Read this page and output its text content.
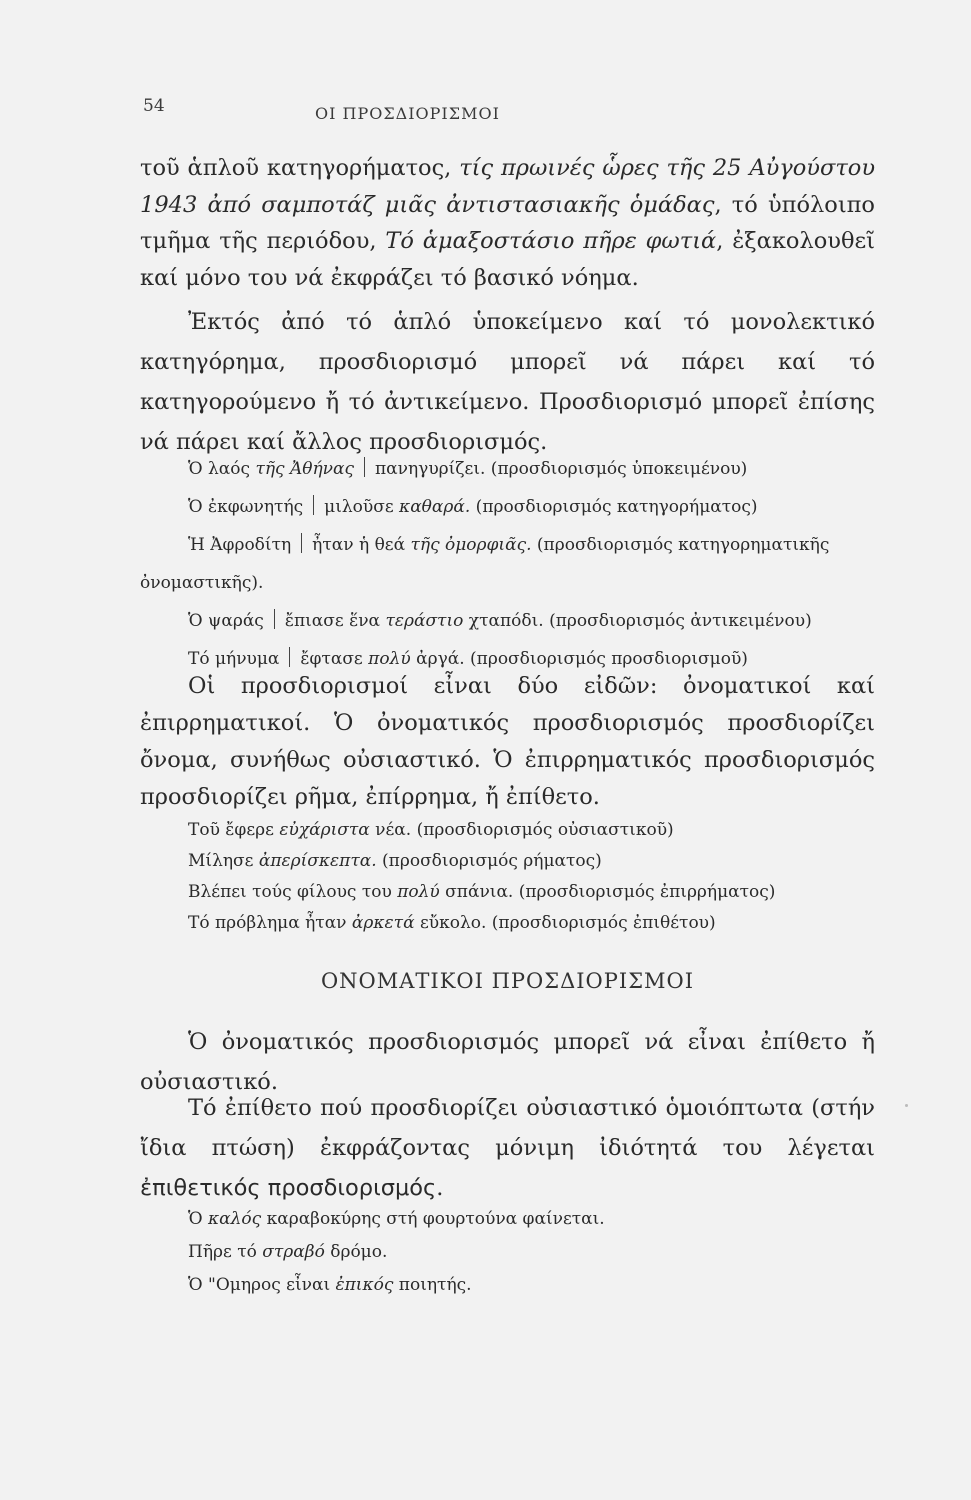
54	ΟΙ ΠΡΟΣΔΙΟΡΙΣΜΟΙ

τοῦ ἁπλοῦ κατηγορήματος, τίς πρωινές ὧρες τῆς 25 Αὐγούστου 1943 ἀπό σαμποτάζ μιᾶς ἀντιστασιακῆς ὁμάδας, τό ὑπόλοιπο τμῆμα τῆς περιόδου, Τό ἁμαξοστάσιο πῆρε φωτιά, ἐξακολουθεῖ καί μόνο του νά ἐκφράζει τό βασικό νόημα.

Ἐκτός ἀπό τό ἁπλό ὑποκείμενο καί τό μονολεκτικό κατηγόρημα, προσδιορισμό μπορεῖ νά πάρει καί τό κατηγορούμενο ἤ τό ἀντικείμενο. Προσδιορισμό μπορεῖ ἐπίσης νά πάρει καί ἄλλος προσδιορισμός.

Ὁ λαός τῆς Ἀθήνας πανηγυρίζει. (προσδιορισμός ὑποκειμένου)
Ὁ ἐκφωνητής μιλοῦσε καθαρά. (προσδιορισμός κατηγορήματος)
Ἡ Ἀφροδίτη ἦταν ἡ θεά τῆς ὀμορφιᾶς. (προσδιορισμός κατηγορηματικῆς ὀνομαστικῆς).
Ὁ ψαράς ἔπιασε ἕνα τεράστιο χταπόδι. (προσδιορισμός ἀντικειμένου)
Τό μήνυμα ἔφτασε πολύ ἀργά. (προσδιορισμός προσδιορισμοῦ)

Οἱ προσδιορισμοί εἶναι δύο εἰδῶν: ὀνοματικοί καί ἐπιρρηματικοί. Ὁ ὀνοματικός προσδιορισμός προσδιορίζει ὄνομα, συνήθως οὐσιαστικό. Ὁ ἐπιρρηματικός προσδιορισμός προσδιορίζει ρῆμα, ἐπίρρημα, ἤ ἐπίθετο.

Τοῦ ἔφερε εὐχάριστα νέα. (προσδιορισμός οὐσιαστικοῦ)
Μίλησε ἀπερίσκεπτα. (προσδιορισμός ρήματος)
Βλέπει τούς φίλους του πολύ σπάνια. (προσδιορισμός ἐπιρρήματος)
Τό πρόβλημα ἦταν ἀρκετά εὔκολο. (προσδιορισμός ἐπιθέτου)
ΟΝΟΜΑΤΙΚΟΙ ΠΡΟΣΔΙΟΡΙΣΜΟΙ

Ὁ ὀνοματικός προσδιορισμός μπορεῖ νά εἶναι ἐπίθετο ἤ οὐσιαστικό.

Τό ἐπίθετο πού προσδιορίζει οὐσιαστικό ὁμοιόπτωτα (στήν ἴδια πτώση) ἐκφράζοντας μόνιμη ἰδιότητά του λέγεται ἐπιθετικός προσδιορισμός.

Ὁ καλός καραβοκύρης στή φουρτούνα φαίνεται.
Πῆρε τό στραβό δρόμο.
Ὁ "Ομηρος εἶναι ἐπικός ποιητής.
